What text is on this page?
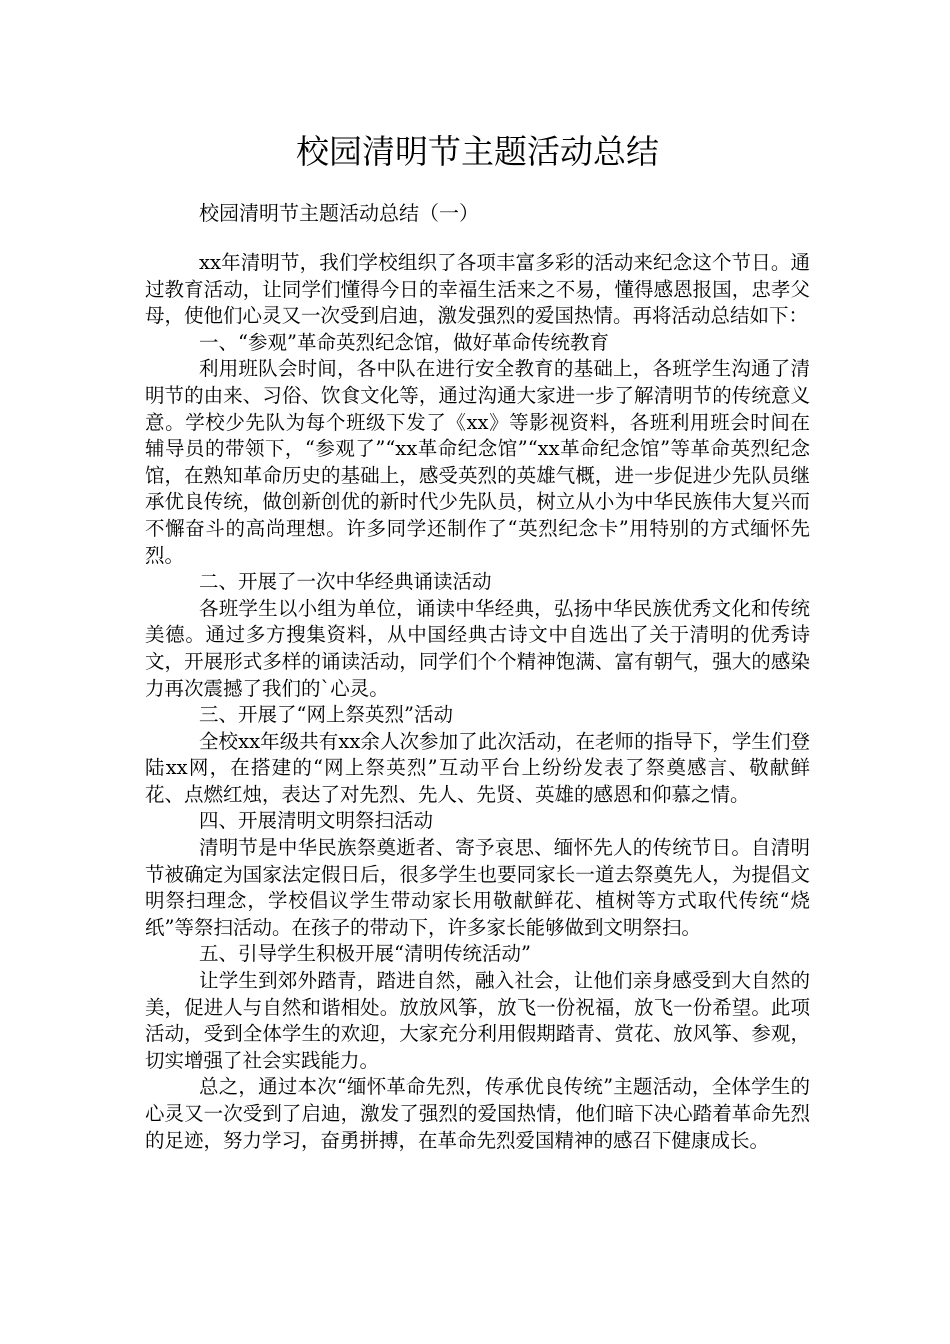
校园清明节主题活动总结
校园清明节主题活动总结（一）

xx年清明节，我们学校组织了各项丰富多彩的活动来纪念这个节日。通过教育活动，让同学们懂得今日的幸福生活来之不易，懂得感恩报国，忠孝父母，使他们心灵又一次受到启迪，激发强烈的爱国热情。再将活动总结如下：

一、“参观”革命英烈纪念馆，做好革命传统教育

利用班队会时间，各中队在进行安全教育的基础上，各班学生沟通了清明节的由来、习俗、饮食文化等，通过沟通大家进一步了解清明节的传统意义意。学校少先队为每个班级下发了《xx》等影视资料，各班利用班会时间在辅导员的带领下，“参观了”“xx革命纪念馆”“xx革命纪念馆”等革命英烈纪念馆，在熟知革命历史的基础上，感受英烈的英雄气概，进一步促进少先队员继承优良传统，做创新创优的新时代少先队员，树立从小为中华民族伟大复兴而不懈奋斗的高尚理想。许多同学还制作了“英烈纪念卡”用特别的方式缅怀先烈。

二、开展了一次中华经典诵读活动

各班学生以小组为单位，诵读中华经典，弘扬中华民族优秀文化和传统美德。通过多方搜集资料，从中国经典古诗文中自选出了关于清明的优秀诗文，开展形式多样的诵读活动，同学们个个精神饱满、富有朝气，强大的感染力再次震撼了我们的`心灵。

三、开展了“网上祭英烈”活动

全校xx年级共有xx余人次参加了此次活动，在老师的指导下，学生们登陆xx网，在搭建的“网上祭英烈”互动平台上纷纷发表了祭奠感言、敬献鲜花、点燃红烛，表达了对先烈、先人、先贤、英雄的感恩和仰慕之情。

四、开展清明文明祭扫活动

清明节是中华民族祭奠逝者、寄予哀思、缅怀先人的传统节日。自清明节被确定为国家法定假日后，很多学生也要同家长一道去祭奠先人，为提倡文明祭扫理念，学校倡议学生带动家长用敬献鲜花、植树等方式取代传统“烧纸”等祭扫活动。在孩子的带动下，许多家长能够做到文明祭扫。

五、引导学生积极开展“清明传统活动”

让学生到郊外踏青，踏进自然，融入社会，让他们亲身感受到大自然的美，促进人与自然和谐相处。放放风筝，放飞一份祝福，放飞一份希望。此项活动，受到全体学生的欢迎，大家充分利用假期踏青、赏花、放风筝、参观，切实增强了社会实践能力。

总之，通过本次“缅怀革命先烈，传承优良传统”主题活动，全体学生的心灵又一次受到了启迪，激发了强烈的爱国热情，他们暗下决心踏着革命先烈的足迹，努力学习，奋勇拼搏，在革命先烈爱国精神的感召下健康成长。
